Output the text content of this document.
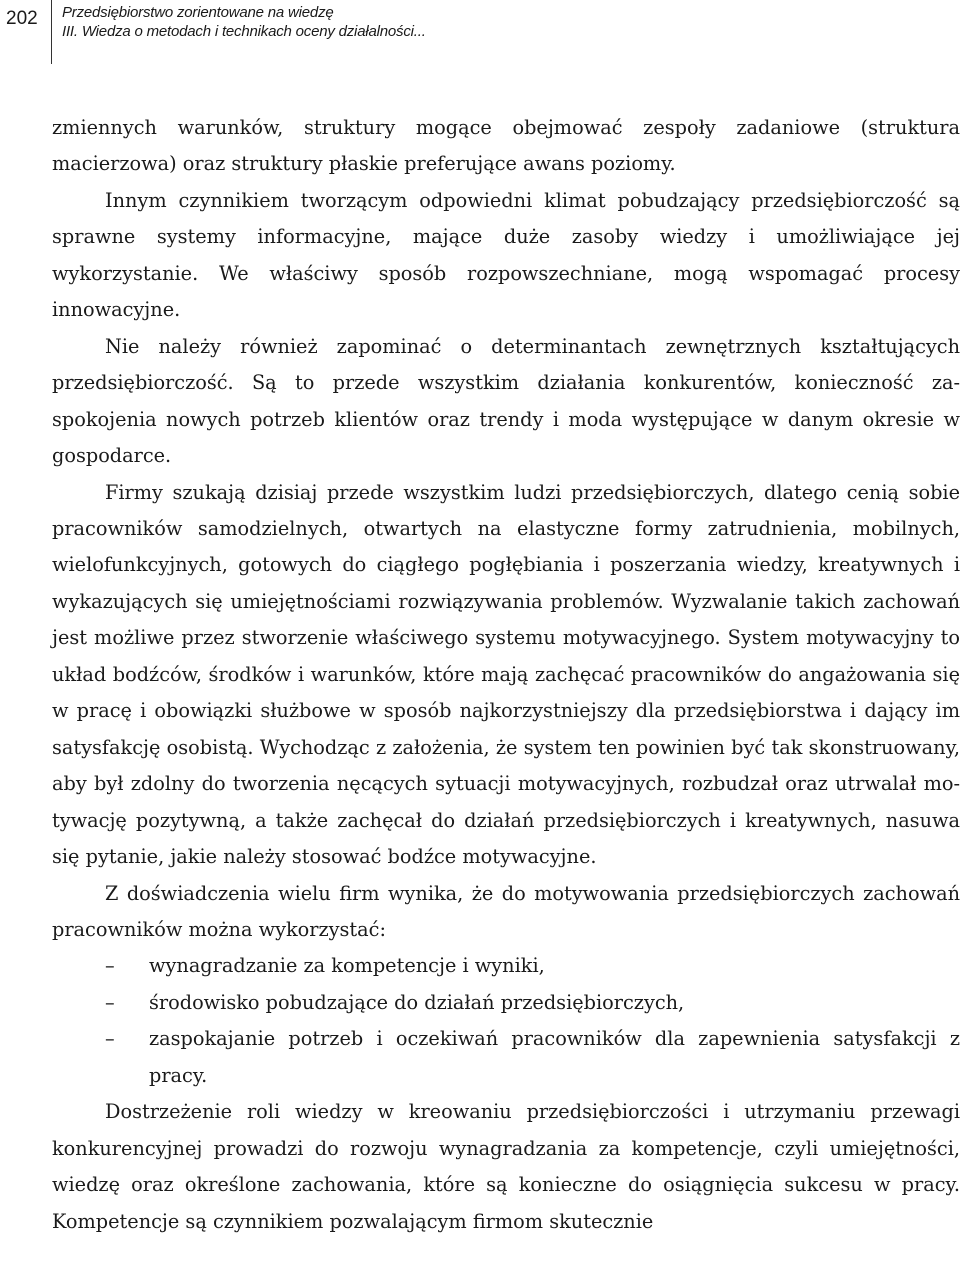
202 Przedsiębiorstwo zorientowane na wiedzę
III. Wiedza o metodach i technikach oceny działalności...

zmiennych warunków, struktury mogące obejmować zespoły zadaniowe (struktura macierzowa) oraz struktury płaskie preferujące awans poziomy.

Innym czynnikiem tworzącym odpowiedni klimat pobudzający przedsiębiorczość są sprawne systemy informacyjne, mające duże zasoby wiedzy i umożliwiające jej wykorzystanie. We właściwy sposób rozpowszechniane, mogą wspomagać procesy innowacyjne.

Nie należy również zapominać o determinantach zewnętrznych kształtujących przedsiębiorczość. Są to przede wszystkim działania konkurentów, konieczność zaspokojenia nowych potrzeb klientów oraz trendy i moda występujące w danym okresie w gospodarce.

Firmy szukają dzisiaj przede wszystkim ludzi przedsiębiorczych, dlatego cenią sobie pracowników samodzielnych, otwartych na elastyczne formy zatrudnienia, mobilnych, wielofunkcyjnych, gotowych do ciągłego pogłębiania i poszerzania wiedzy, kreatywnych i wykazujących się umiejętnościami rozwiązywania problemów. Wyzwalanie takich zachowań jest możliwe przez stworzenie właściwego systemu motywacyjnego. System motywacyjny to układ bodźców, środków i warunków, które mają zachęcać pracowników do angażowania się w pracę i obowiązki służbowe w sposób najkorzystniejszy dla przedsiębiorstwa i dający im satysfakcję osobistą. Wychodząc z założenia, że system ten powinien być tak skonstruowany, aby był zdolny do tworzenia nęcących sytuacji motywacyjnych, rozbudzał oraz utrwalał motywację pozytywną, a także zachęcał do działań przedsiębiorczych i kreatywnych, nasuwa się pytanie, jakie należy stosować bodźce motywacyjne.

Z doświadczenia wielu firm wynika, że do motywowania przedsiębiorczych zachowań pracowników można wykorzystać:

– wynagradzanie za kompetencje i wyniki,
– środowisko pobudzające do działań przedsiębiorczych,
– zaspokajanie potrzeb i oczekiwań pracowników dla zapewnienia satysfakcji z pracy.

Dostrzeżenie roli wiedzy w kreowaniu przedsiębiorczości i utrzymaniu przewagi konkurencyjnej prowadzi do rozwoju wynagradzania za kompetencje, czyli umiejętności, wiedzę oraz określone zachowania, które są konieczne do osiągnięcia sukcesu w pracy. Kompetencje są czynnikiem pozwalającym firmom skutecznie
